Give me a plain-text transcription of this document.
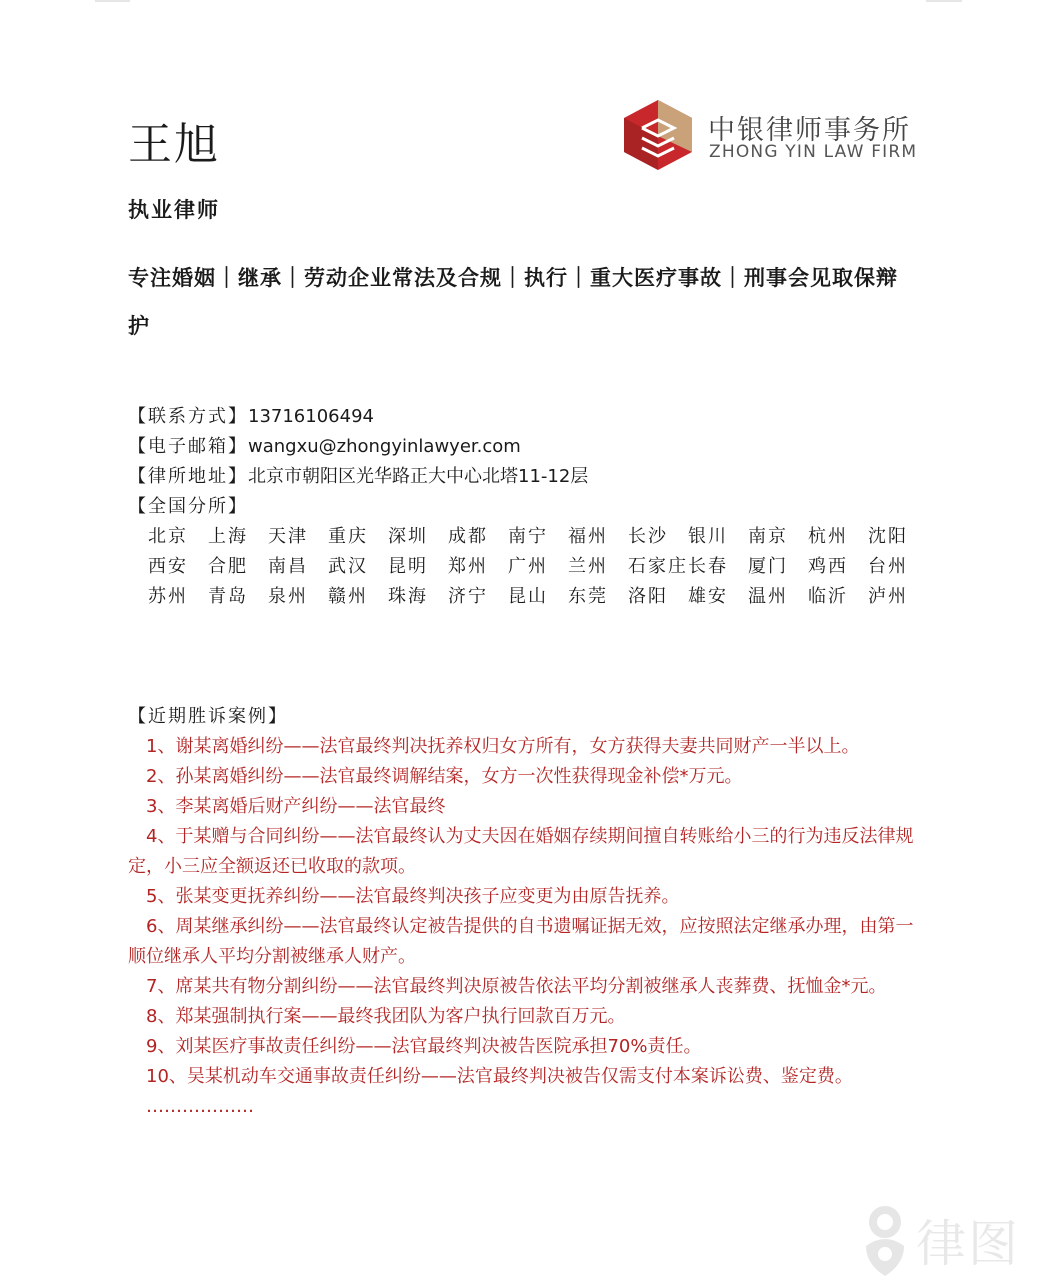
王旭	中银律师事务所
ZHONG YIN LAW FIRM
执业律师
专注婚姻｜继承｜劳动企业常法及合规｜执行｜重大医疗事故｜刑事会见取保辩护
【联系方式】13716106494
【电子邮箱】wangxu@zhongyinlawyer.com
【律所地址】北京市朝阳区光华路正大中心北塔11-12层
【全国分所】
北京	上海	天津	重庆	深圳	成都	南宁	福州	长沙	银川	南京	杭州	沈阳
西安	合肥	南昌	武汉	昆明	郑州	广州	兰州	石家庄 长春	厦门	鸡西	台州
苏州	青岛	泉州	赣州	珠海	济宁	昆山	东莞	洛阳	雄安	温州	临沂	泸州
【近期胜诉案例】
1、谢某离婚纠纷——法官最终判决抚养权归女方所有，女方获得夫妻共同财产一半以上。
2、孙某离婚纠纷——法官最终调解结案，女方一次性获得现金补偿*万元。
3、李某离婚后财产纠纷——法官最终
4、于某赠与合同纠纷——法官最终认为丈夫因在婚姻存续期间擅自转账给小三的行为违反法律规定，小三应全额返还已收取的款项。
5、张某变更抚养纠纷——法官最终判决孩子应变更为由原告抚养。
6、周某继承纠纷——法官最终认定被告提供的自书遗嘱证据无效，应按照法定继承办理，由第一顺位继承人平均分割被继承人财产。
7、席某共有物分割纠纷——法官最终判决原被告依法平均分割被继承人丧葬费、抚恤金*元。
8、郑某强制执行案——最终我团队为客户执行回款百万元。
9、刘某医疗事故责任纠纷——法官最终判决被告医院承担70%责任。
10、吴某机动车交通事故责任纠纷——法官最终判决被告仅需支付本案诉讼费、鉴定费。
………………
律图
